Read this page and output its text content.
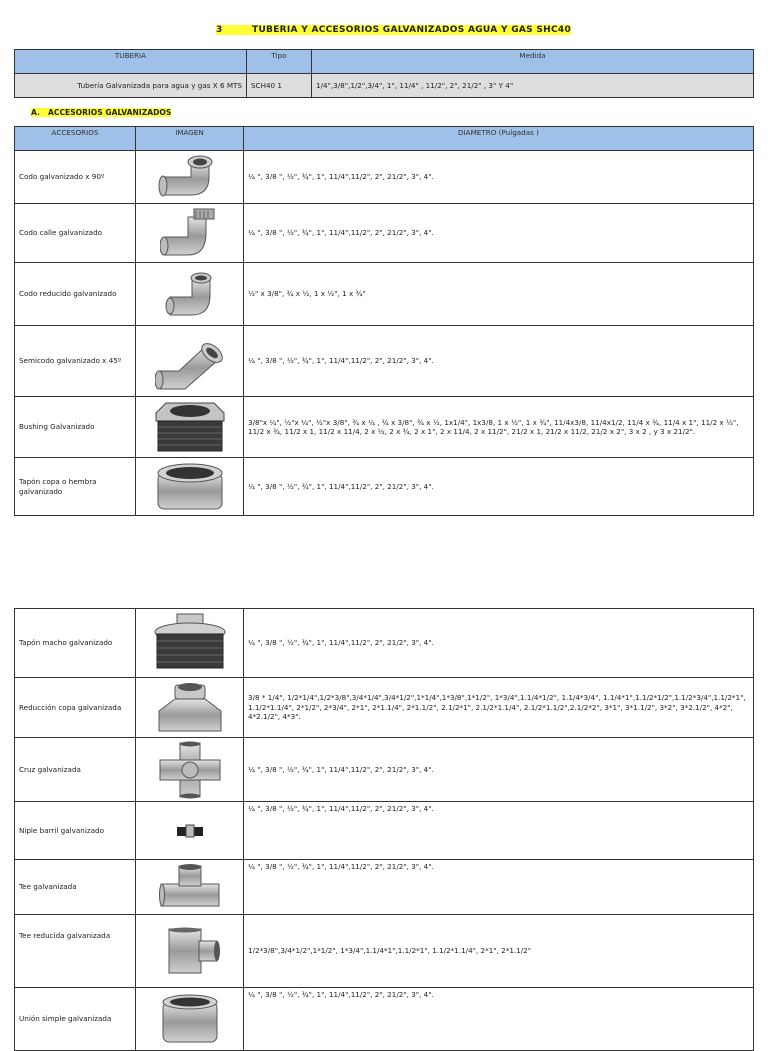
3	TUBERIA Y ACCESORIOS GALVANIZADOS AGUA Y GAS SHC40
TUBERIA	Tipo	Medida
Tubería Galvanizada para agua y gas X 6 MTS	SCH40 1	1/4",3/8",1/2",3/4", 1", 11/4" , 11/2", 2", 21/2" , 3" Y 4"
A. ACCESORIOS GALVANIZADOS
ACCESORIOS	IMAGEN	DIAMETRO (Pulgadas )
Codo galvanizado x 90º		¼ ", 3/8 ", ½", ¾", 1", 11/4",11/2", 2", 21/2", 3", 4".
Codo calle galvanizado		¼ ", 3/8 ", ½", ¾", 1", 11/4",11/2", 2", 21/2", 3", 4".
Codo reducido galvanizado		½" x 3/8", ¾ x ½, 1 x ½", 1 x ¾"
Semicodo galvanizado x 45º		¼ ", 3/8 ", ½", ¾", 1", 11/4",11/2", 2", 21/2", 3", 4".
Bushing Galvanizado		3/8"x ¼", ½"x ¼", ½"x 3/8", ¾ x ¼ , ¾ x 3/8", ¾ x ½, 1x1/4", 1x3/8, 1 x ½", 1 x ¾", 11/4x3/8, 11/4x1/2, 11/4 x ¾, 11/4 x 1", 11/2 x ½", 11/2 x ¾, 11/2 x 1, 11/2 x 11/4, 2 x ½, 2 x ¾, 2 x 1", 2 x 11/4, 2 x 11/2", 21/2 x 1, 21/2 x 11/2, 21/2 x 2", 3 x 2 , y 3 x 21/2".
Tapón copa o hembra galvanizado		¼ ", 3/8 ", ½", ¾", 1", 11/4",11/2", 2", 21/2", 3", 4".
Tapón macho galvanizado		¼ ", 3/8 ", ½", ¾", 1", 11/4",11/2", 2", 21/2", 3", 4".
Reducción copa galvanizada		3/8 * 1/4", 1/2*1/4",1/2*3/8",3/4*1/4",3/4*1/2",1*1/4",1*3/8",1*1/2", 1*3/4",1.1/4*1/2", 1.1/4*3/4", 1.1/4*1",1.1/2*1/2",1.1/2*3/4",1.1/2*1", 1.1/2*1.1/4", 2*1/2", 2*3/4", 2*1", 2*1.1/4", 2*1.1/2", 2.1/2*1", 2.1/2*1.1/4", 2.1/2*1.1/2",2.1/2*2", 3*1", 3*1.1/2", 3*2", 3*2.1/2", 4*2", 4*2.1/2", 4*3".
Cruz galvanizada		¼ ", 3/8 ", ½", ¾", 1", 11/4",11/2", 2", 21/2", 3", 4".
Niple barril galvanizado		¼ ", 3/8 ", ½", ¾", 1", 11/4",11/2", 2", 21/2", 3", 4".
Tee galvanizada		¼ ", 3/8 ", ½", ¾", 1", 11/4",11/2", 2", 21/2", 3", 4".
Tee reducida galvanizada		1/2*3/8",3/4*1/2",1*1/2", 1*3/4",1.1/4*1",1.1/2*1", 1.1/2*1.1/4", 2*1", 2*1.1/2"
Unión simple galvanizada		¼ ", 3/8 ", ½", ¾", 1", 11/4",11/2", 2", 21/2", 3", 4".
